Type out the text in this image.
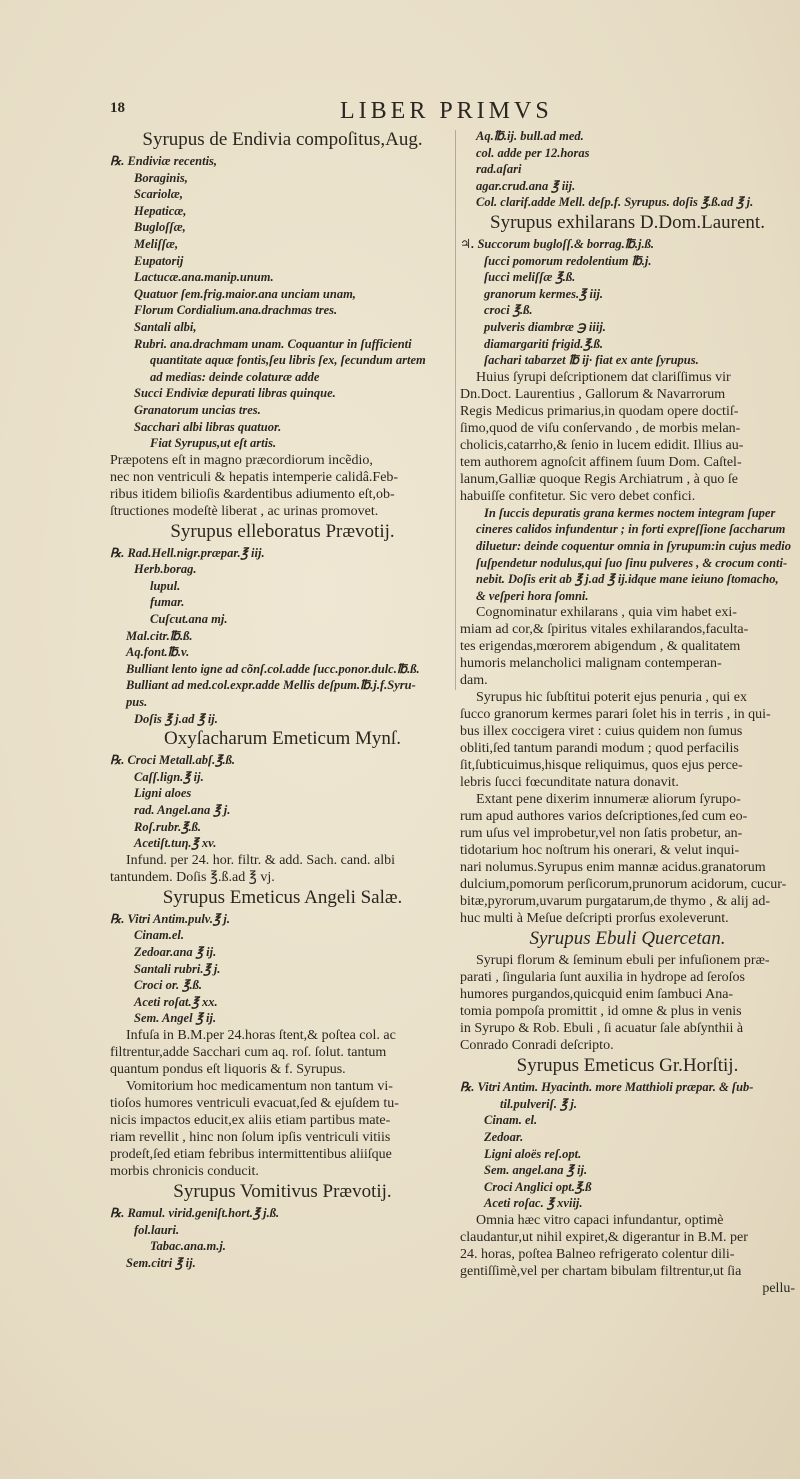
18	LIBER PRIMVS
Syrupus de Endivia compoſitus,Aug.
℞. Endiviæ recentis,
Boraginis,
Scariolæ,
Hepaticæ,
Bugloſſæ,
Meliſſæ,
Eupatorij
Lactucæ.ana.manip.unum.
Quatuor ſem.frig.maior.ana unciam unam,
Florum Cordialium.ana.drachmas tres.
Santali albi,
Rubri. ana.drachmam unam. Coquantur in ſufficienti
quantitate aquæ fontis,ſeu libris ſex, ſecundum artem
ad medias: deinde colaturæ adde
Succi Endiviæ depurati libras quinque.
Granatorum uncias tres.
Sacchari albi libras quatuor.
Fiat Syrupus,ut eſt artis.
Præpotens eſt in magno præcordiorum incẽdio,
nec non ventriculi & hepatis intemperie calidâ.Feb-
ribus itidem bilioſis &ardentibus adiumento eſt,ob-
ſtructiones modeſtè liberat , ac urinas promovet.
Syrupus elleboratus Prævotij.
℞. Rad.Hell.nigr.præpar.℥ iij.
Herb.borag.
lupul.
fumar.
Cuſcut.ana mj.
Mal.citr.℔.ß.
Aq.font.℔.v.
Bulliant lento igne ad cõnſ.col.adde ſucc.ponor.dulc.℔.ß.
Bulliant ad med.col.expr.adde Mellis deſpum.℔.j.f.Syru-
pus.
Doſis ℥ j.ad ℥ ij.
Oxyſacharum Emeticum Mynſ.
℞. Croci Metall.abſ.℥.ß.
Caſſ.lign.℥ ij.
Ligni aloes
rad. Angel.ana ℥ j.
Roſ.rubr.℥.ß.
Acetiſt.tuη.℥ xv.
Infund. per 24. hor. filtr. & add. Sach. cand. albi
tantundem. Doſis ℥.ß.ad ℥ vj.
Syrupus Emeticus Angeli Salæ.
℞. Vitri Antim.pulv.℥ j.
Cinam.el.
Zedoar.ana ℥ ij.
Santali rubri.℥ j.
Croci or. ℥.ß.
Aceti roſat.℥ xx.
Sem. Angel ℥ ij.
Infuſa in B.M.per 24.horas ſtent,& poſtea col. ac
filtrentur,adde Sacchari cum aq. roſ. ſolut. tantum
quantum pondus eſt liquoris & f. Syrupus.
Vomitorium hoc medicamentum non tantum vi-
tioſos humores ventriculi evacuat,ſed & ejuſdem tu-
nicis impactos educit,ex aliis etiam partibus mate-
riam revellit , hinc non ſolum ipſis ventriculi vitiis
prodeſt,ſed etiam febribus intermittentibus aliiſque
morbis chronicis conducit.
Syrupus Vomitivus Prævotij.
℞. Ramul. virid.geniſt.hort.℥ j.ß.
fol.lauri.
Tabac.ana.m.j.
Sem.citri ℥ ij.
Aq.℔.ij. bull.ad med.
col. adde per 12.horas
rad.aſari
agar.crud.ana ℥ iij.
Col. clarif.adde Mell. deſp.f. Syrupus. doſis ℥.ß.ad ℥ j.
Syrupus exhilarans D.Dom.Laurent.
♃. Succorum bugloſſ.& borrag.℔.j.ß.
ſucci pomorum redolentium ℔.j.
ſucci meliſſæ ℥.ß.
granorum kermes.℥ iij.
croci ℥.ß.
pulveris diambræ ℈ iiij.
diamargariti frigid.℥.ß.
ſachari tabarzet ℔ ij· fiat ex ante ſyrupus.
Huius ſyrupi deſcriptionem dat clariſſimus vir
Dn.Doct. Laurentius , Gallorum & Navarrorum
Regis Medicus primarius,in quodam opere doctiſ-
ſimo,quod de viſu conſervando , de morbis melan-
cholicis,catarrho,& ſenio in lucem edidit. Illius au-
tem authorem agnoſcit affinem ſuum Dom. Caſtel-
lanum,Galliæ quoque Regis Archiatrum , à quo ſe
habuiſſe confitetur. Sic vero debet confici.
In ſuccis depuratis grana kermes noctem integram ſuper
cineres calidos infundentur ; in forti expreſſione ſaccharum
diluetur: deinde coquentur omnia in ſyrupum:in cujus medio
ſuſpendetur nodulus,qui ſuo ſinu pulveres , & crocum conti-
nebit. Doſis erit ab ℥ j.ad ℥ ij.idque mane ieiuno ſtomacho,
& veſperi hora ſomni.
Cognominatur exhilarans , quia vim habet exi-
miam ad cor,& ſpiritus vitales exhilarandos,facultа-
tes erigendas,mœrorem abigendum , & qualitatem
humoris melancholici malignam contemperan-
dam.
Syrupus hic ſubſtitui poterit ejus penuria , qui ex
ſucco granorum kermes parari ſolet his in terris , in qui-
bus illex coccigera viret : cuius quidem non ſumus
obliti,ſed tantum parandi modum ; quod perfacilis
ſit,ſubticuimus,hisque reliquimus, quos ejus perce-
lebris ſucci fœcunditate natura donavit.
Extant pene dixerim innumeræ aliorum ſyrupo-
rum apud authores varios deſcriptiones,ſed cum eo-
rum uſus vel improbetur,vel non ſatis probetur, an-
tidotarium hoc noſtrum his onerari, & velut inqui-
nari nolumus.Syrupus enim mannæ acidus.granatorum
dulcium,pomorum perſicorum,prunorum acidorum, cucur-
bitæ,pyrorum,uvarum purgatarum,de thymo , & alij ad-
huc multi à Meſue deſcripti prorſus exoleverunt.
Syrupus Ebuli Quercetan.
Syrupi florum & ſeminum ebuli per infuſionem præ-
parati , ſingularia ſunt auxilia in hydrope ad ſeroſos
humores purgandos,quicquid enim ſambuci Ana-
tomia pompoſa promittit , id omne & plus in venis
in Syrupo & Rob. Ebuli , ſi acuatur ſale abſynthii à
Conrado Conradi deſcripto.
Syrupus Emeticus Gr.Horſtij.
℞. Vitri Antim. Hyacinth. more Matthioli præpar. & ſub-
til.pulveriſ. ℥ j.
Cinam. el.
Zedoar.
Ligni aloës reſ.opt.
Sem. angel.ana ℥ ij.
Croci Anglici opt.℥.ß
Aceti roſac. ℥ xviij.
Omnia hæc vitro capaci infundantur, optimè
claudantur,ut nihil expiret,& digerantur in B.M. per
24. horas, poſtea Balneo refrigerato colentur dili-
gentiſſimè,vel per chartam bibulam filtrentur,ut ſia
pellu-
